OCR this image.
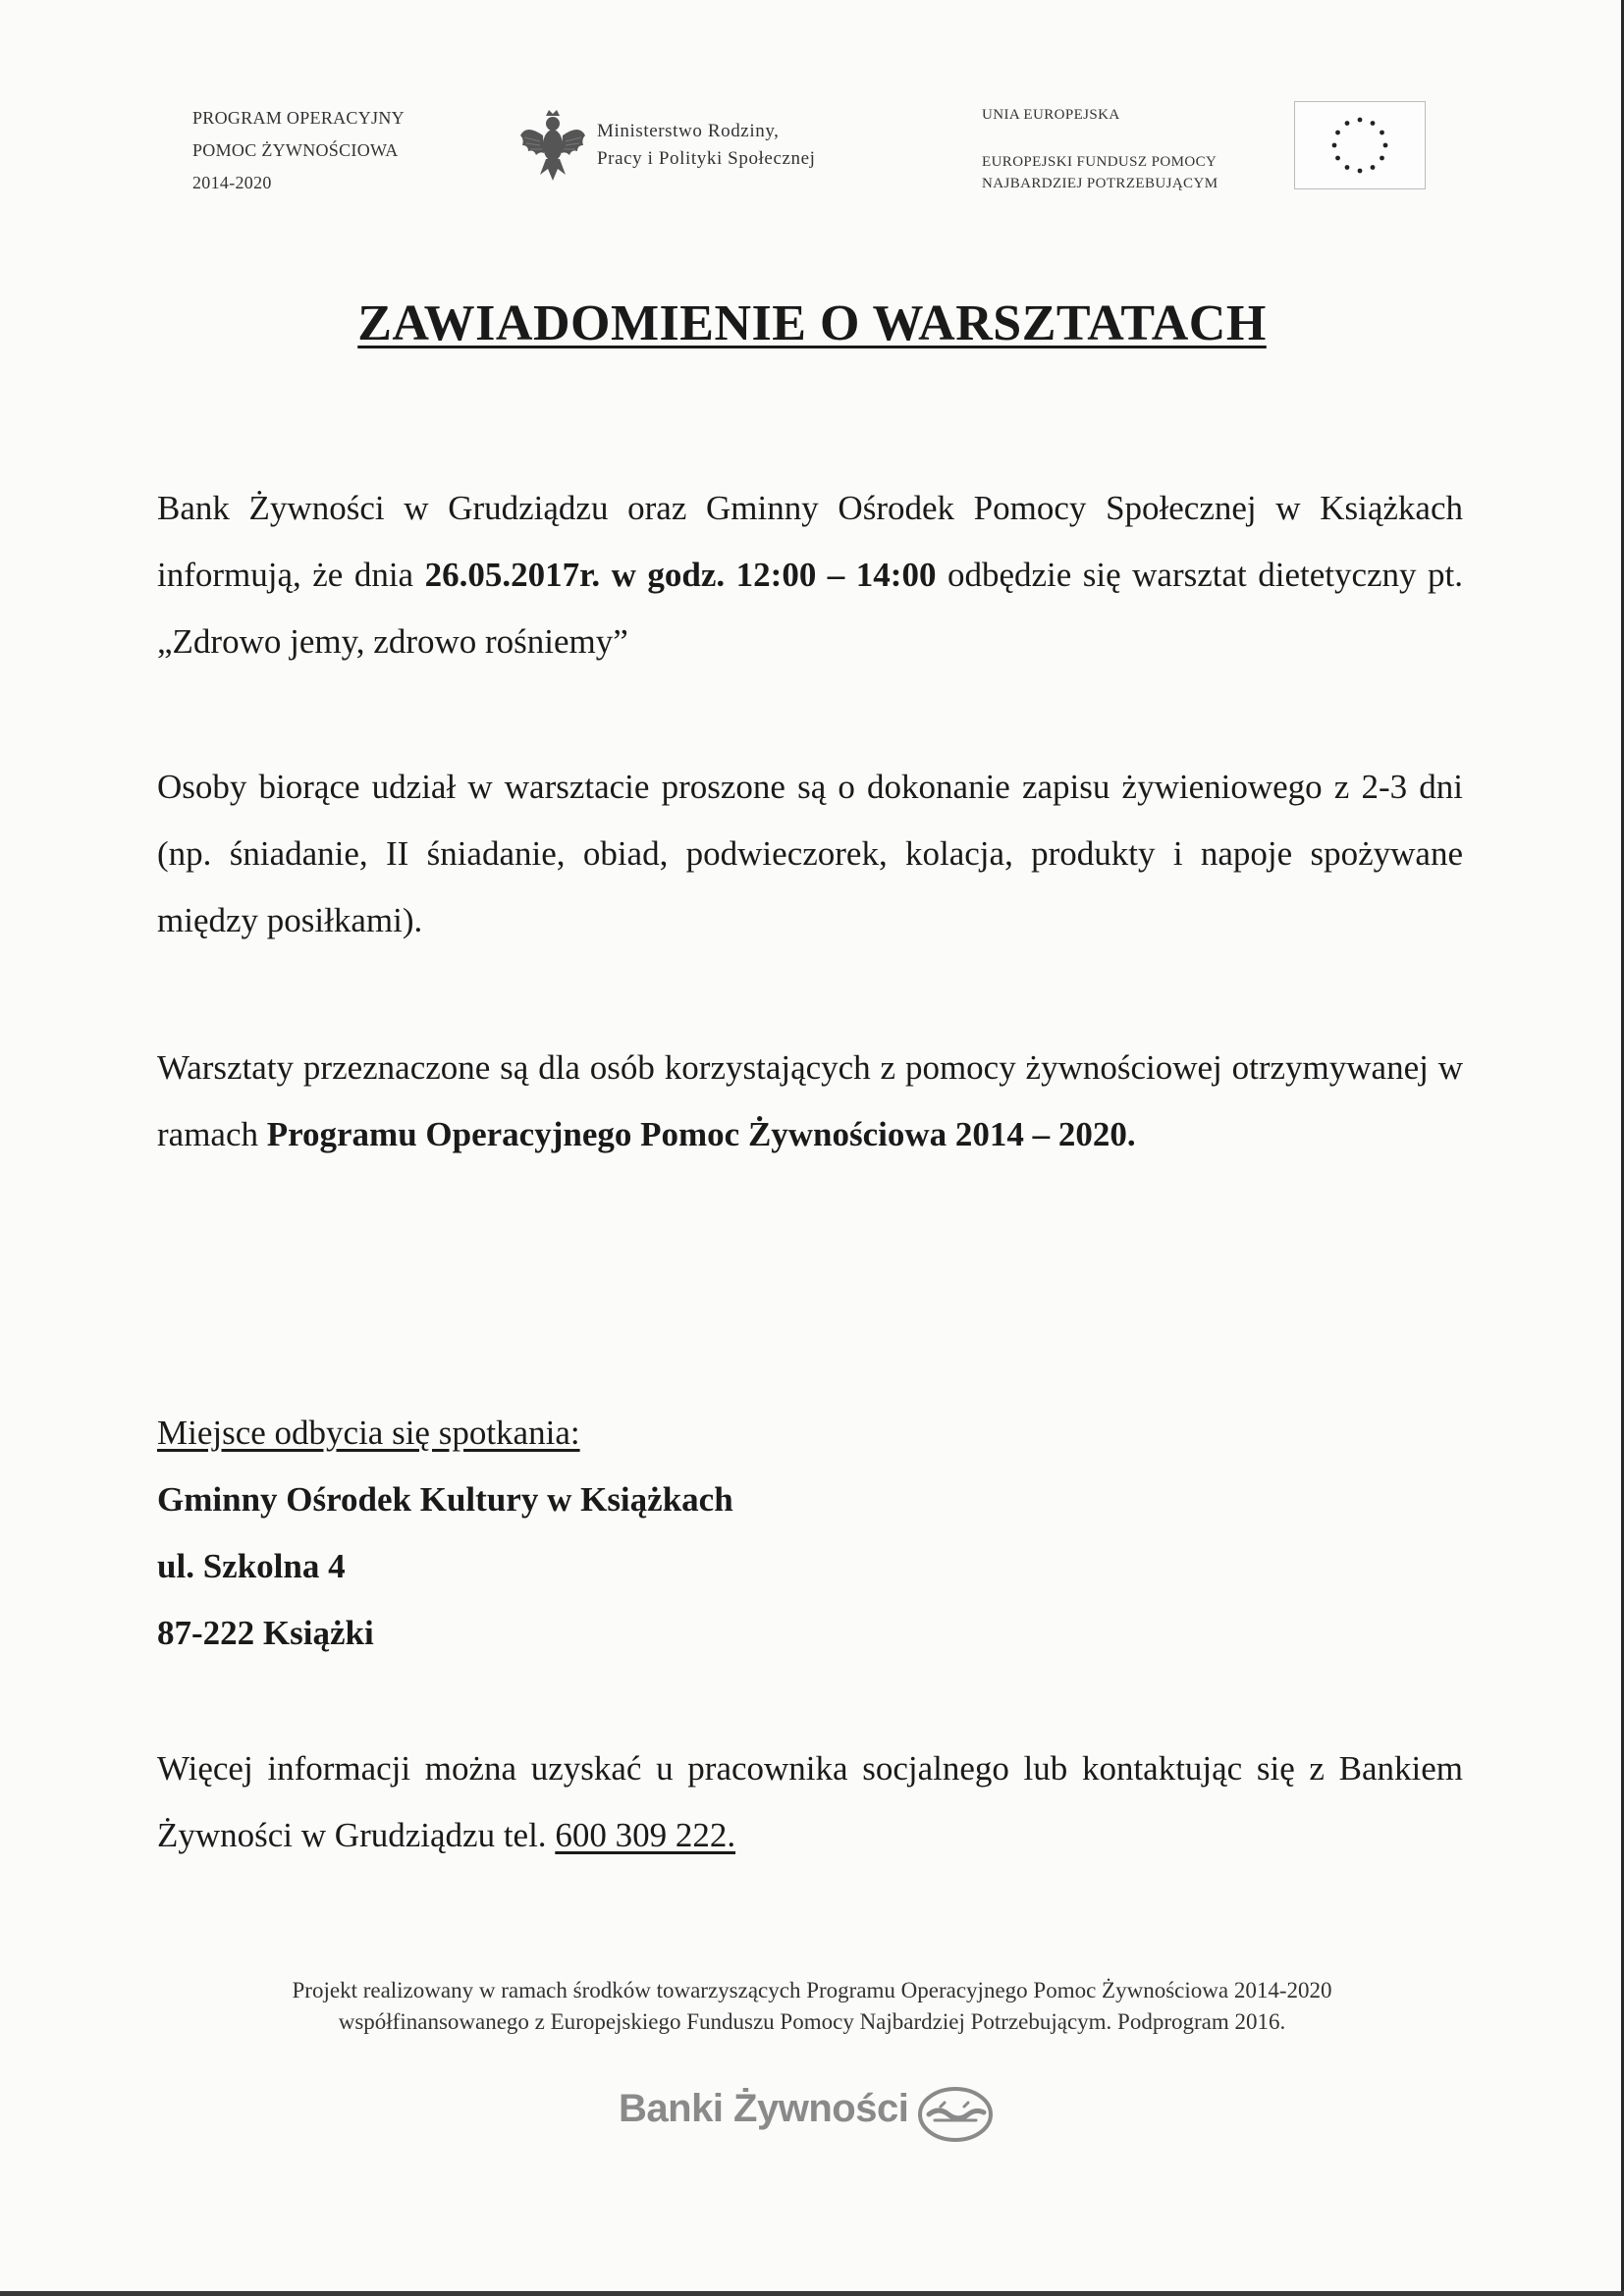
PROGRAM OPERACYJNY
POMOC ŻYWNOŚCIOWA
2014-2020
Ministerstwo Rodziny,
Pracy i Polityki Społecznej
UNIA EUROPEJSKA
EUROPEJSKI FUNDUSZ POMOCY
NAJBARDZIEJ POTRZEBUJĄCYM
ZAWIADOMIENIE O WARSZTATACH
Bank Żywności w Grudziądzu oraz Gminny Ośrodek Pomocy Społecznej w Książkach informują, że dnia 26.05.2017r. w godz. 12:00 – 14:00 odbędzie się warsztat dietetyczny pt. „Zdrowo jemy, zdrowo rośniemy”
Osoby biorące udział w warsztacie proszone są o dokonanie zapisu żywieniowego z 2-3 dni (np. śniadanie, II śniadanie, obiad, podwieczorek, kolacja, produkty i napoje spożywane między posiłkami).
Warsztaty przeznaczone są dla osób korzystających z pomocy żywnościowej otrzymywanej w ramach Programu Operacyjnego Pomoc Żywnościowa 2014 – 2020.
Miejsce odbycia się spotkania:
Gminny Ośrodek Kultury w Książkach
ul. Szkolna 4
87-222 Książki
Więcej informacji można uzyskać u pracownika socjalnego lub kontaktując się z Bankiem Żywności w Grudziądzu tel. 600 309 222.
Projekt realizowany w ramach środków towarzyszących Programu Operacyjnego Pomoc Żywnościowa 2014-2020
współfinansowanego z Europejskiego Funduszu Pomocy Najbardziej Potrzebującym. Podprogram 2016.
Banki Żywności
